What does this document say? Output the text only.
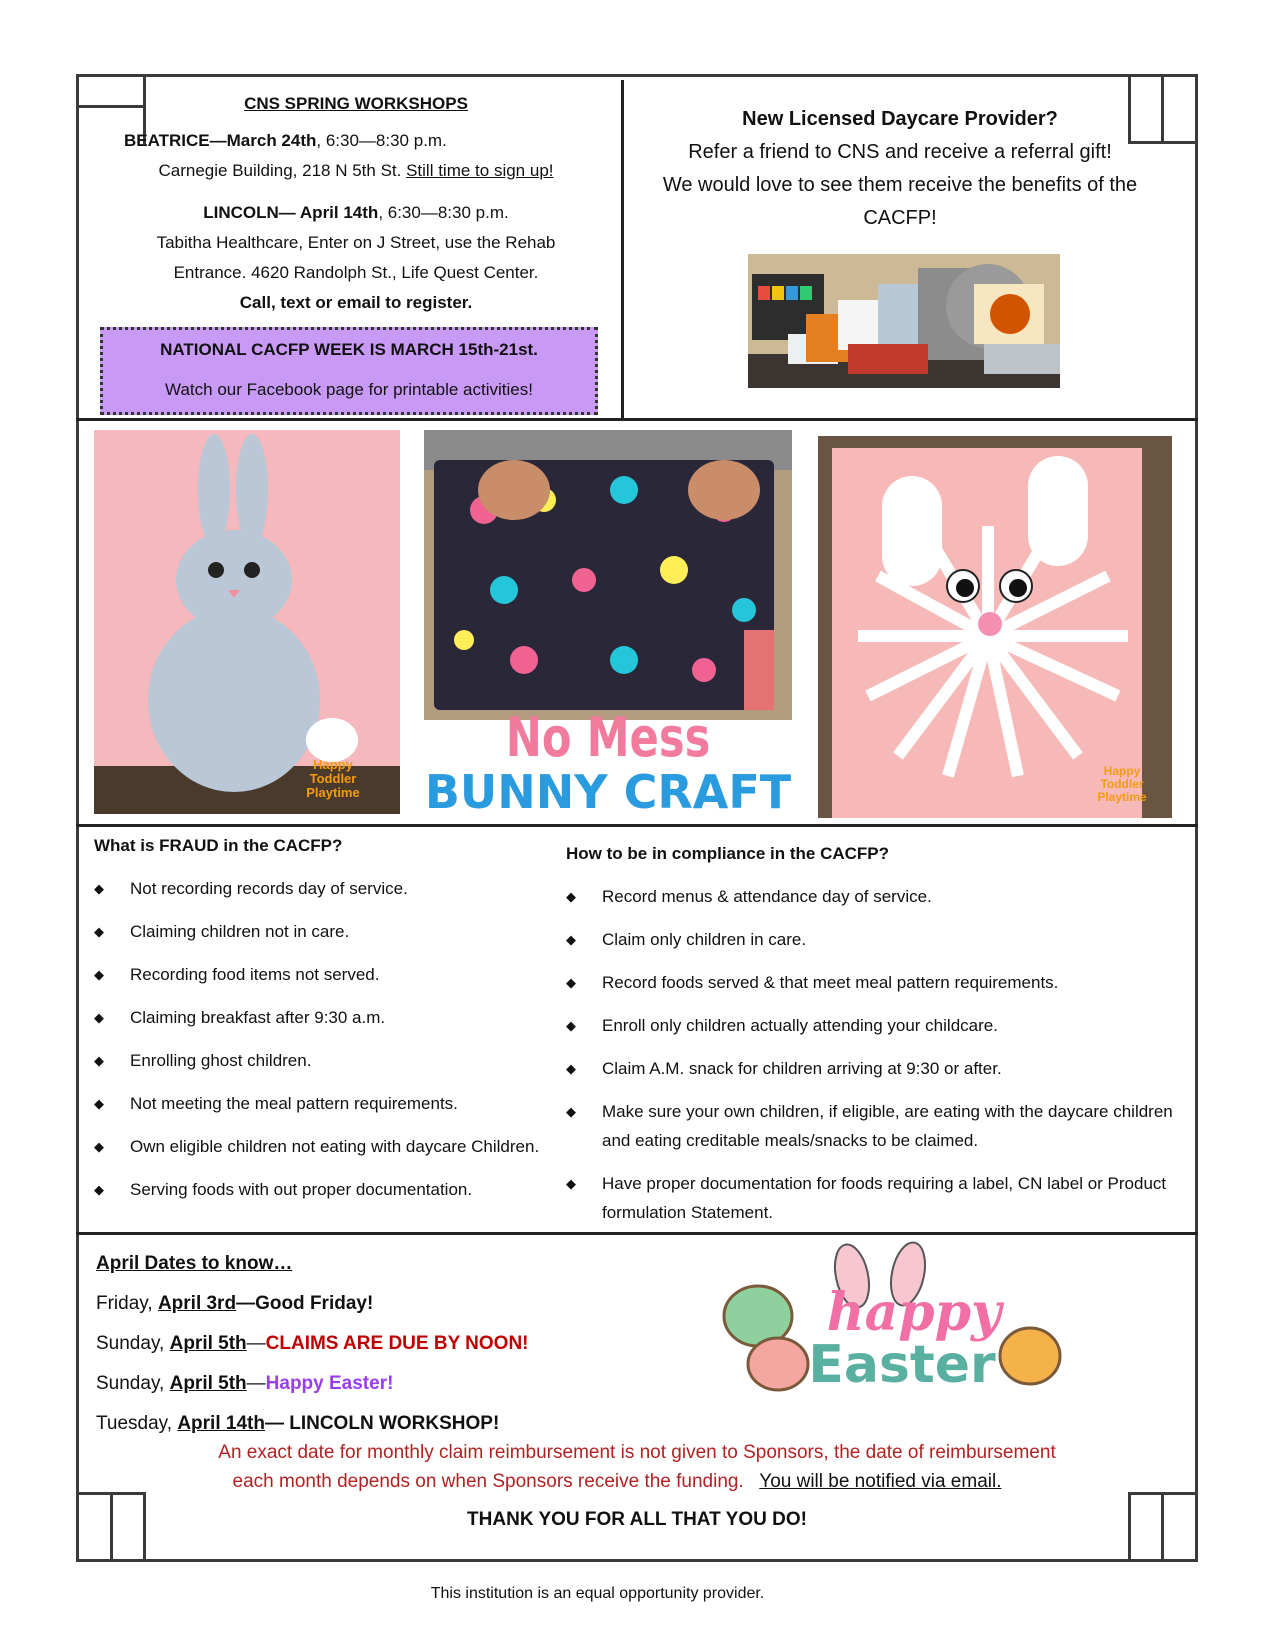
CNS SPRING WORKSHOPS
BEATRICE—March 24th, 6:30—8:30 p.m.
Carnegie Building, 218 N 5th St. Still time to sign up!
LINCOLN— April 14th, 6:30—8:30 p.m.
Tabitha Healthcare, Enter on J Street, use the Rehab
Entrance. 4620 Randolph St., Life Quest Center.
Call, text or email to register.
NATIONAL CACFP WEEK IS MARCH 15th-21st.
Watch our Facebook page for printable activities!
New Licensed Daycare Provider?
Refer a friend to CNS and receive a referral gift!
We would love to see them receive the benefits of the CACFP!
Happy Toddler Playtime
No Mess
BUNNY CRAFT	Happy Toddler Playtime
What is FRAUD in the CACFP?
◆ Not recording records day of service.
◆ Claiming children not in care.
◆ Recording food items not served.
◆ Claiming breakfast after 9:30 a.m.
◆ Enrolling ghost children.
◆ Not meeting the meal pattern requirements.
◆ Own eligible children not eating with daycare Children.
◆ Serving foods with out proper documentation.
How to be in compliance in the CACFP?
◆ Record menus & attendance day of service.
◆ Claim only children in care.
◆ Record foods served & that meet meal pattern requirements.
◆ Enroll only children actually attending your childcare.
◆ Claim A.M. snack for children arriving at 9:30 or after.
◆ Make sure your own children, if eligible, are eating with the daycare children and eating creditable meals/snacks to be claimed.
◆ Have proper documentation for foods requiring a label, CN label or Product formulation Statement.
April Dates to know…
Friday, April 3rd—Good Friday!
Sunday, April 5th—CLAIMS ARE DUE BY NOON!
Sunday, April 5th—Happy Easter!
Tuesday, April 14th— LINCOLN WORKSHOP!
happy
Easter
An exact date for monthly claim reimbursement is not given to Sponsors, the date of reimbursement
each month depends on when Sponsors receive the funding. You will be notified via email.
THANK YOU FOR ALL THAT YOU DO!
This institution is an equal opportunity provider.
